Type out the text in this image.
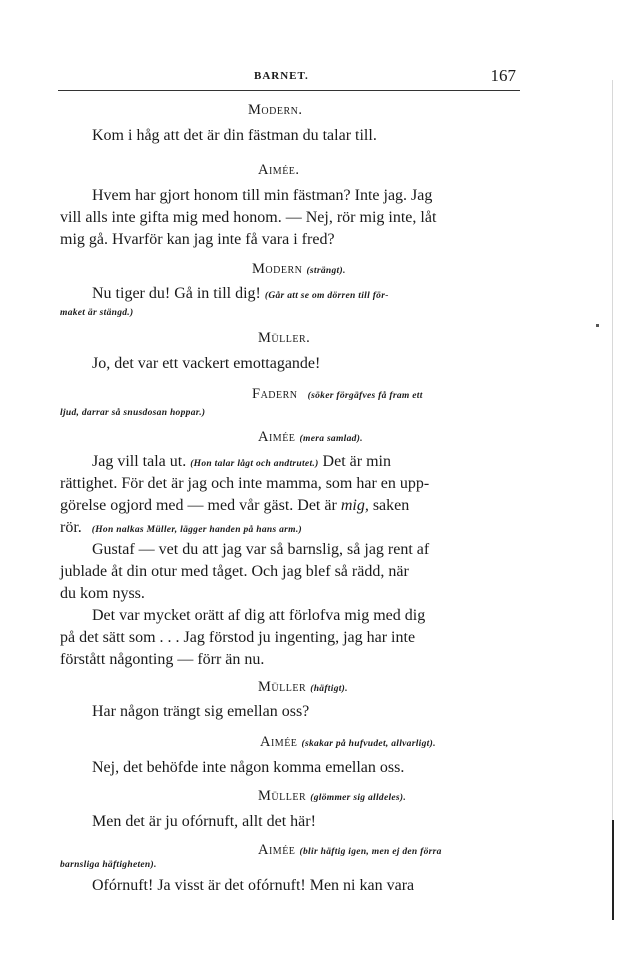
BARNET.	167
Modern.
Kom i håg att det är din fästman du talar till.
Aimée.
Hvem har gjort honom till min fästman? Inte jag. Jag
vill alls inte gifta mig med honom. — Nej, rör mig inte, låt
mig gå. Hvarför kan jag inte få vara i fred?
Modern (strängt).
Nu tiger du! Gå in till dig! (Går att se om dörren till för-
maket är stängd.)
Müller.
Jo, det var ett vackert emottagande!
Fadern (söker förgäfves få fram ett
ljud, darrar så snusdosan hoppar.)
Aimée (mera samlad).
Jag vill tala ut. (Hon talar lågt och andtrutet.) Det är min
rättighet. För det är jag och inte mamma, som har en upp-
görelse ogjord med — med vår gäst. Det är mig, saken
rör. (Hon nalkas Müller, lägger handen på hans arm.)
Gustaf — vet du att jag var så barnslig, så jag rent af
jublade åt din otur med tåget. Och jag blef så rädd, när
du kom nyss.
Det var mycket orätt af dig att förlofva mig med dig
på det sätt som . . . Jag förstod ju ingenting, jag har inte
förstått någonting — förr än nu.
Müller (häftigt).
Har någon trängt sig emellan oss?
Aimée (skakar på hufvudet, allvarligt).
Nej, det behöfde inte någon komma emellan oss.
Müller (glömmer sig alldeles).
Men det är ju ofórnuft, allt det här!
Aimée (blir häftig igen, men ej den förra
barnsliga häftigheten).
Ofórnuft! Ja visst är det ofórnuft! Men ni kan vara
